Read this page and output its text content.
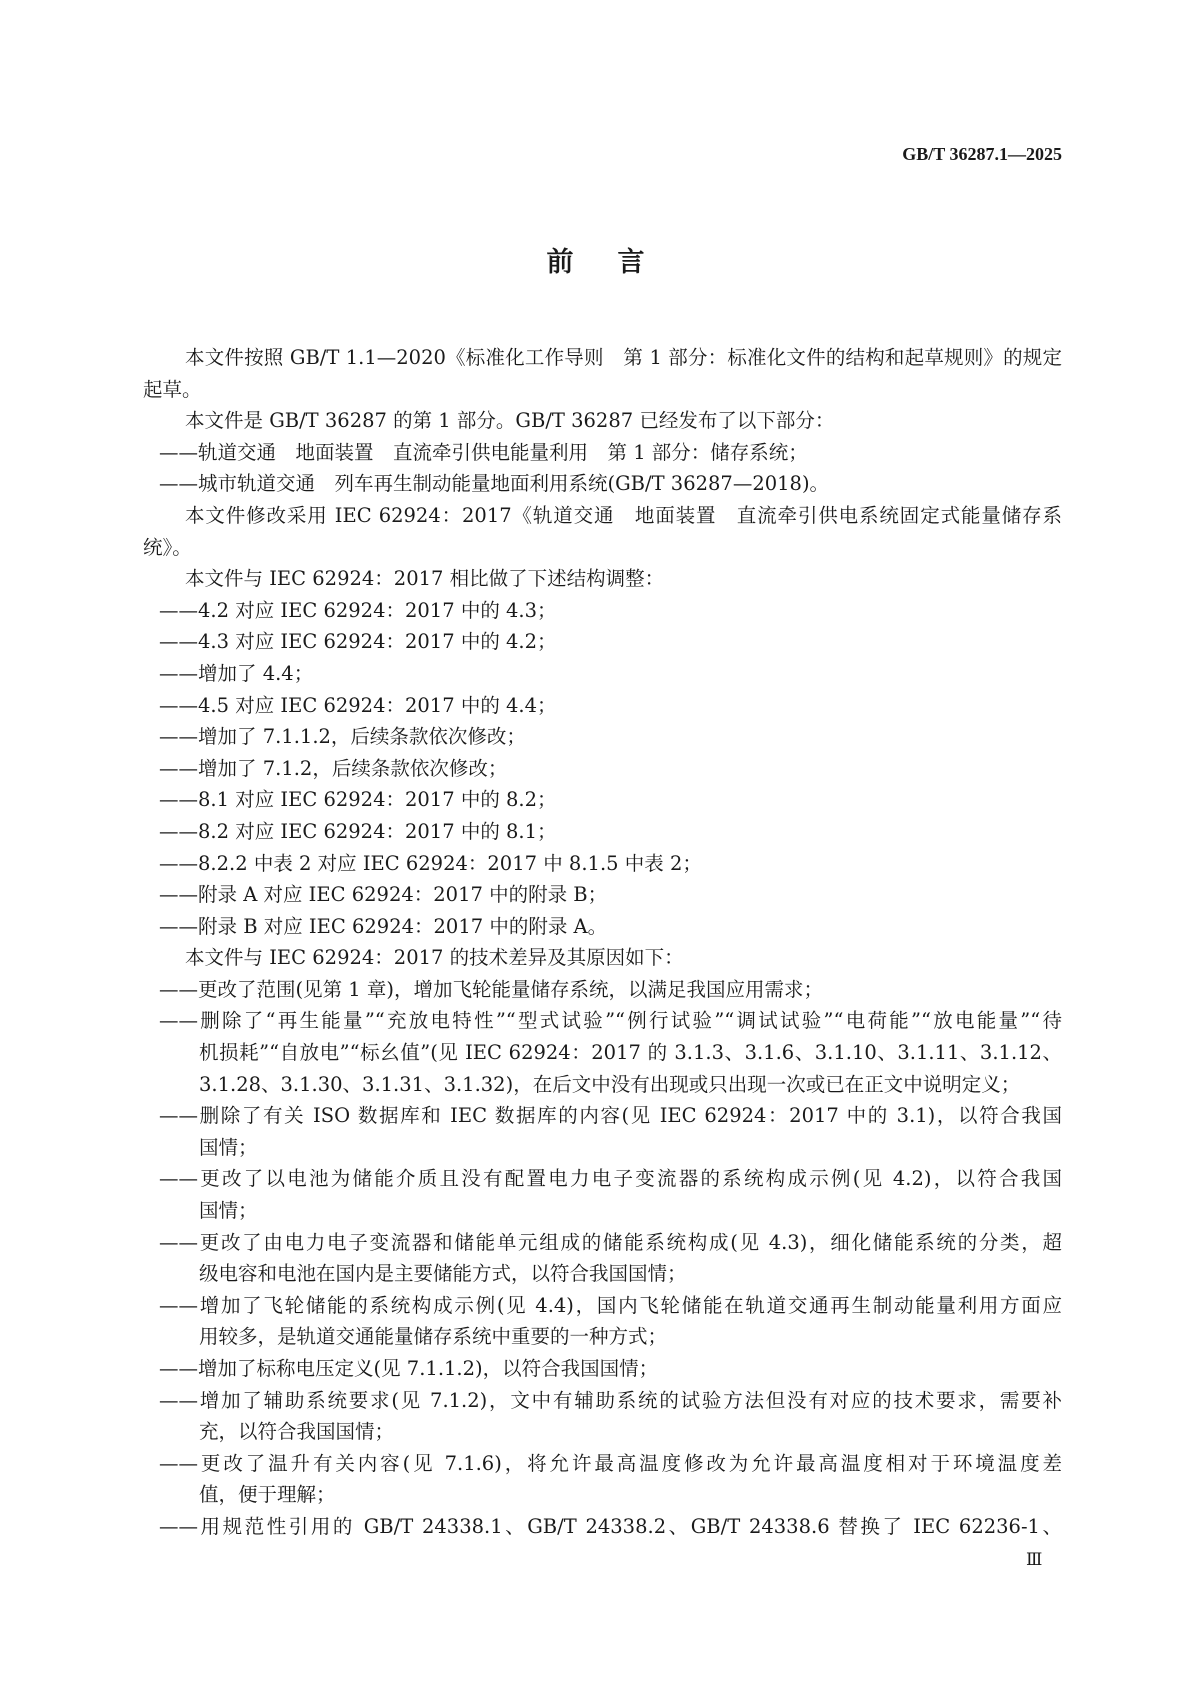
GB/T 36287.1—2025
前 言
本文件按照 GB/T 1.1—2020《标准化工作导则　第 1 部分：标准化文件的结构和起草规则》的规定
起草。
本文件是 GB/T 36287 的第 1 部分。GB/T 36287 已经发布了以下部分：
——轨道交通　地面装置　直流牵引供电能量利用　第 1 部分：储存系统；
——城市轨道交通　列车再生制动能量地面利用系统(GB/T 36287—2018)。
本文件修改采用 IEC 62924：2017《轨道交通　地面装置　直流牵引供电系统固定式能量储存系
统》。
本文件与 IEC 62924：2017 相比做了下述结构调整：
——4.2 对应 IEC 62924：2017 中的 4.3；
——4.3 对应 IEC 62924：2017 中的 4.2；
——增加了 4.4；
——4.5 对应 IEC 62924：2017 中的 4.4；
——增加了 7.1.1.2，后续条款依次修改；
——增加了 7.1.2，后续条款依次修改；
——8.1 对应 IEC 62924：2017 中的 8.2；
——8.2 对应 IEC 62924：2017 中的 8.1；
——8.2.2 中表 2 对应 IEC 62924：2017 中 8.1.5 中表 2；
——附录 A 对应 IEC 62924：2017 中的附录 B；
——附录 B 对应 IEC 62924：2017 中的附录 A。
本文件与 IEC 62924：2017 的技术差异及其原因如下：
——更改了范围(见第 1 章)，增加飞轮能量储存系统，以满足我国应用需求；
——删除了“再生能量”“充放电特性”“型式试验”“例行试验”“调试试验”“电荷能”“放电能量”“待
机损耗”“自放电”“标幺值”(见 IEC 62924：2017 的 3.1.3、3.1.6、3.1.10、3.1.11、3.1.12、
3.1.28、3.1.30、3.1.31、3.1.32)，在后文中没有出现或只出现一次或已在正文中说明定义；
——删除了有关 ISO 数据库和 IEC 数据库的内容(见 IEC 62924：2017 中的 3.1)，以符合我国
国情；
——更改了以电池为储能介质且没有配置电力电子变流器的系统构成示例(见 4.2)，以符合我国
国情；
——更改了由电力电子变流器和储能单元组成的储能系统构成(见 4.3)，细化储能系统的分类，超
级电容和电池在国内是主要储能方式，以符合我国国情；
——增加了飞轮储能的系统构成示例(见 4.4)，国内飞轮储能在轨道交通再生制动能量利用方面应
用较多，是轨道交通能量储存系统中重要的一种方式；
——增加了标称电压定义(见 7.1.1.2)，以符合我国国情；
——增加了辅助系统要求(见 7.1.2)，文中有辅助系统的试验方法但没有对应的技术要求，需要补
充，以符合我国国情；
——更改了温升有关内容(见 7.1.6)，将允许最高温度修改为允许最高温度相对于环境温度差
值，便于理解；
——用规范性引用的 GB/T 24338.1、GB/T 24338.2、GB/T 24338.6 替换了 IEC 62236-1、
Ⅲ
